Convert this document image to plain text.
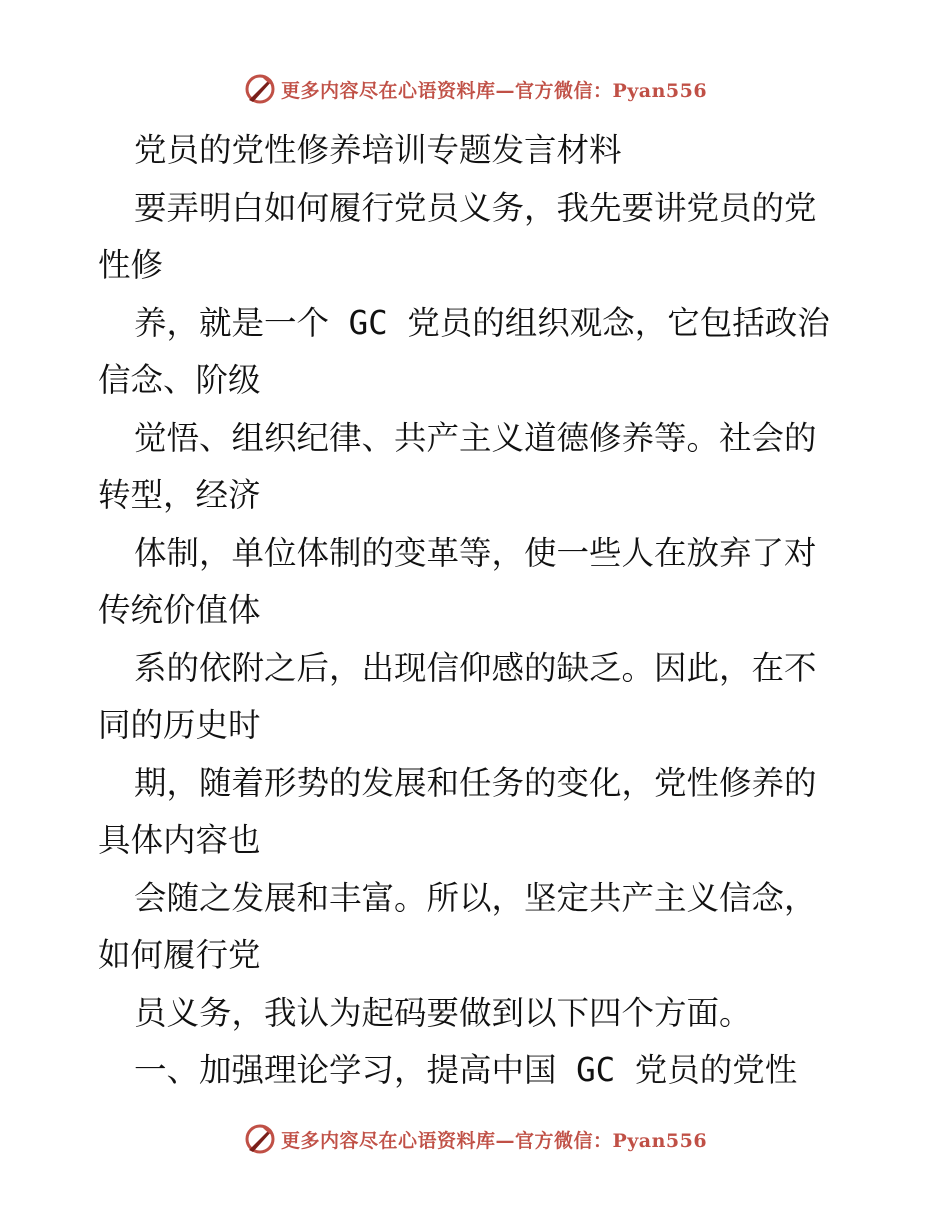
更多内容尽在心语资料库—官方微信：Pyan556
党员的党性修养培训专题发言材料
要弄明白如何履行党员义务，我先要讲党员的党
性修
养，就是一个 GC 党员的组织观念，它包括政治
信念、阶级
觉悟、组织纪律、共产主义道德修养等。社会的
转型，经济
体制，单位体制的变革等，使一些人在放弃了对
传统价值体
系的依附之后，出现信仰感的缺乏。因此，在不
同的历史时
期，随着形势的发展和任务的变化，党性修养的
具体内容也
会随之发展和丰富。所以，坚定共产主义信念，
如何履行党
员义务，我认为起码要做到以下四个方面。
一、加强理论学习，提高中国 GC 党员的党性
更多内容尽在心语资料库—官方微信：Pyan556
